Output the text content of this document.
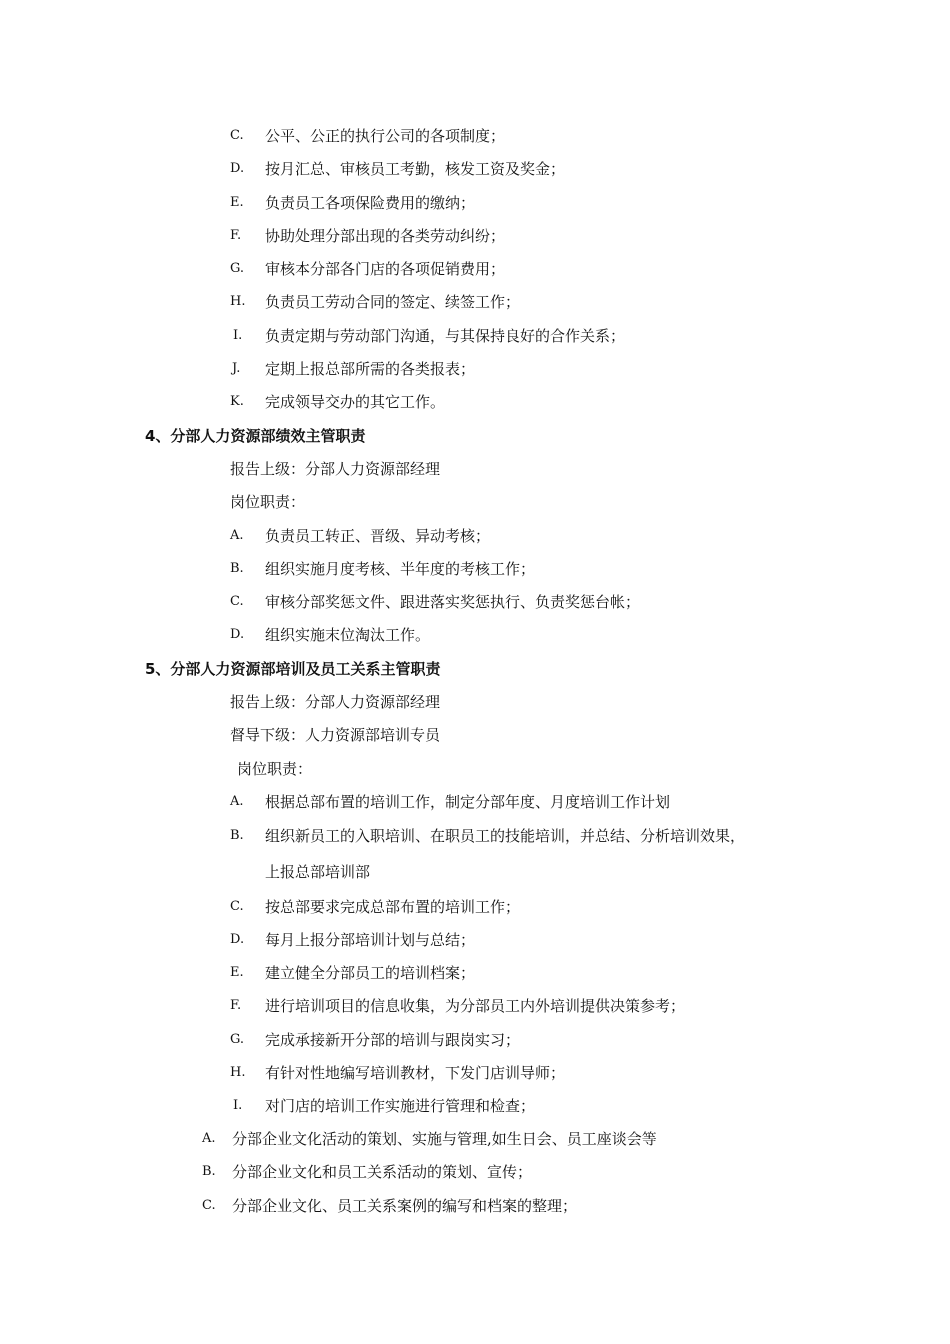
C. 公平、公正的执行公司的各项制度；
D. 按月汇总、审核员工考勤，核发工资及奖金；
E. 负责员工各项保险费用的缴纳；
F. 协助处理分部出现的各类劳动纠纷；
G. 审核本分部各门店的各项促销费用；
H. 负责员工劳动合同的签定、续签工作；
I. 负责定期与劳动部门沟通，与其保持良好的合作关系；
J. 定期上报总部所需的各类报表；
K. 完成领导交办的其它工作。
4、分部人力资源部绩效主管职责
报告上级：分部人力资源部经理
岗位职责：
A. 负责员工转正、晋级、异动考核；
B. 组织实施月度考核、半年度的考核工作；
C. 审核分部奖惩文件、跟进落实奖惩执行、负责奖惩台帐；
D. 组织实施末位淘汰工作。
5、分部人力资源部培训及员工关系主管职责
报告上级：分部人力资源部经理
督导下级：人力资源部培训专员
岗位职责：
A. 根据总部布置的培训工作，制定分部年度、月度培训工作计划
B. 组织新员工的入职培训、在职员工的技能培训，并总结、分析培训效果，
上报总部培训部
C. 按总部要求完成总部布置的培训工作；
D. 每月上报分部培训计划与总结；
E. 建立健全分部员工的培训档案；
F. 进行培训项目的信息收集，为分部员工内外培训提供决策参考；
G. 完成承接新开分部的培训与跟岗实习；
H. 有针对性地编写培训教材，下发门店训导师；
I. 对门店的培训工作实施进行管理和检查；
A. 分部企业文化活动的策划、实施与管理,如生日会、员工座谈会等
B. 分部企业文化和员工关系活动的策划、宣传；
C. 分部企业文化、员工关系案例的编写和档案的整理；
